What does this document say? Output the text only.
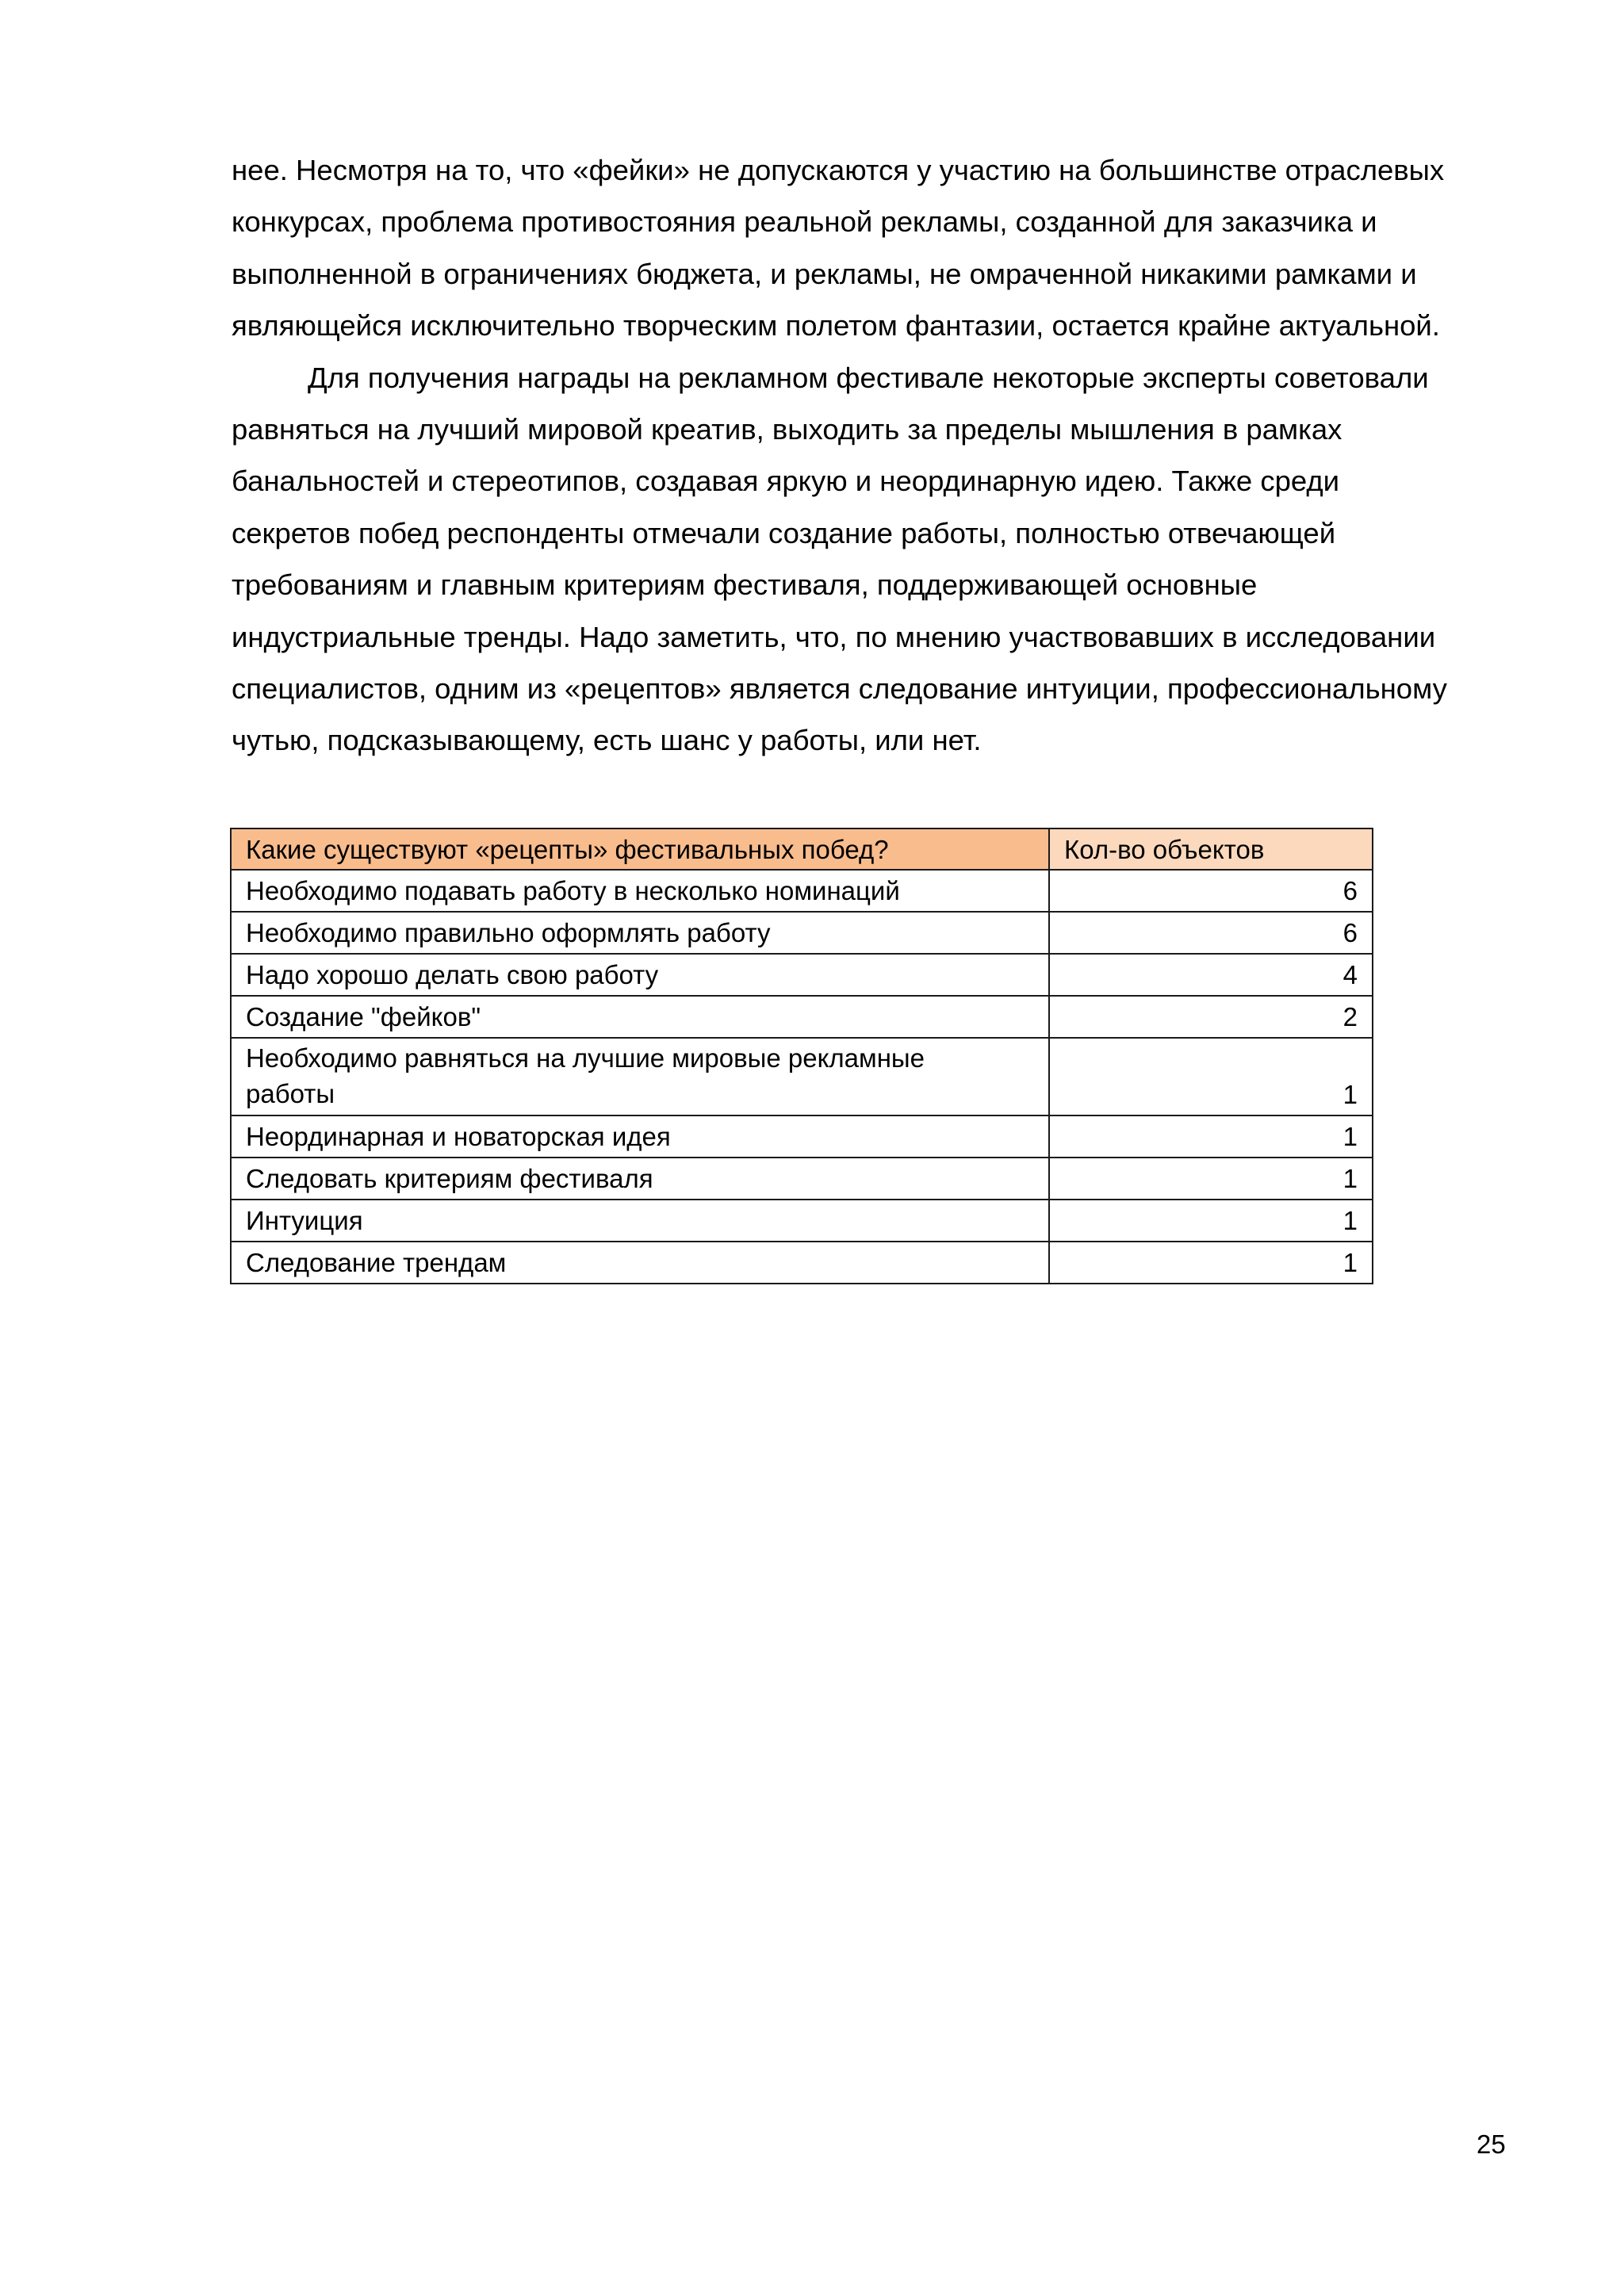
нее. Несмотря на то, что «фейки» не допускаются у участию на большинстве отраслевых
конкурсах, проблема противостояния реальной рекламы, созданной для заказчика и
выполненной в ограничениях бюджета, и рекламы, не омраченной никакими рамками и
являющейся исключительно творческим полетом фантазии, остается крайне актуальной.

Для получения награды на рекламном фестивале некоторые эксперты советовали
равняться на лучший мировой креатив, выходить за пределы мышления в рамках
банальностей и стереотипов, создавая яркую и неординарную идею. Также среди
секретов побед респонденты отмечали создание работы, полностью отвечающей
требованиям и главным критериям фестиваля, поддерживающей основные
индустриальные тренды. Надо заметить, что, по мнению участвовавших в исследовании
специалистов, одним из «рецептов» является следование интуиции, профессиональному
чутью, подсказывающему, есть шанс у работы, или нет.

Какие существуют «рецепты» фестивальных побед?	Кол-во объектов
Необходимо подавать работу в несколько номинаций	6
Необходимо правильно оформлять работу	6
Надо хорошо делать свою работу	4
Создание "фейков"	2
Необходимо равняться на лучшие мировые рекламные
работы	1
Неординарная и новаторская идея	1
Следовать критериям фестиваля	1
Интуиция	1
Следование трендам	1
25
